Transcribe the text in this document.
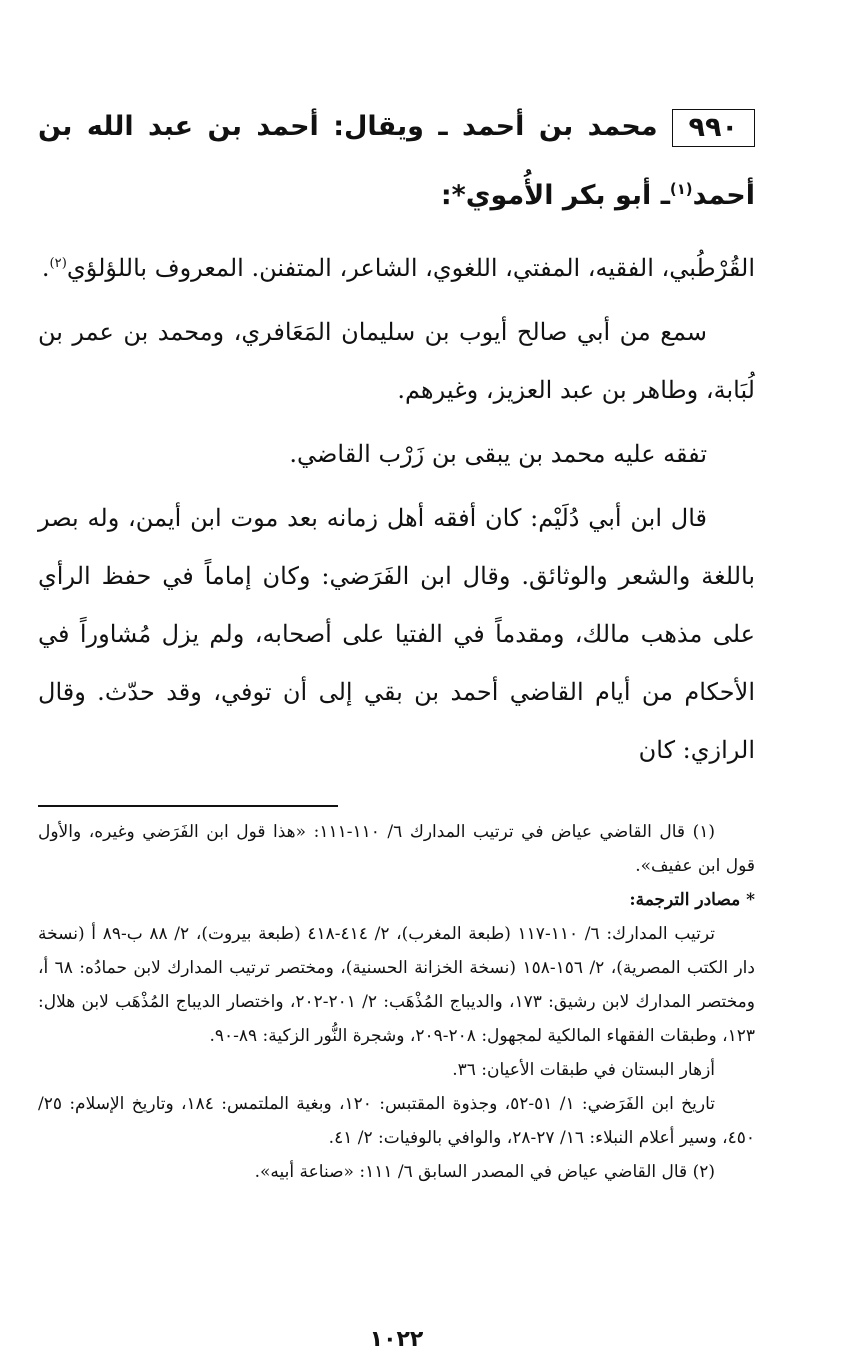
٩٩٠محمد بن أحمد ـ ويقال: أحمد بن عبد الله بن أحمد$^{(١)}$ـ أبو بكر الأُموي*:

القُرْطُبي، الفقيه، المفتي، اللغوي، الشاعر، المتفنن. المعروف باللؤلؤي$^{(٢)}$.

سمع من أبي صالح أيوب بن سليمان المَعَافري، ومحمد بن عمر بن لُبَابة، وطاهر بن عبد العزيز، وغيرهم.

تفقه عليه محمد بن يبقى بن زَرْب القاضي.

قال ابن أبي دُلَيْم: كان أفقه أهل زمانه بعد موت ابن أيمن، وله بصر باللغة والشعر والوثائق. وقال ابن الفَرَضي: وكان إماماً في حفظ الرأي على مذهب مالك، ومقدماً في الفتيا على أصحابه، ولم يزل مُشاوراً في الأحكام من أيام القاضي أحمد بن بقي إلى أن توفي، وقد حدّث. وقال الرازي: كان

(١) قال القاضي عياض في ترتيب المدارك ٦/ ١١٠-١١١: «هذا قول ابن الفَرَضي وغيره، والأول قول ابن عفيف».

* مصادر الترجمة:

ترتيب المدارك: ٦/ ١١٠-١١٧ (طبعة المغرب)، ٢/ ٤١٤-٤١٨ (طبعة بيروت)، ٢/ ٨٨ ب-٨٩ أ (نسخة دار الكتب المصرية)، ٢/ ١٥٦-١٥٨ (نسخة الخزانة الحسنية)، ومختصر ترتيب المدارك لابن حمادُه: ٦٨ أ، ومختصر المدارك لابن رشيق: ١٧٣، والديباج المُذْهَب: ٢/ ٢٠١-٢٠٢، واختصار الديباج المُذْهَب لابن هلال: ١٢٣، وطبقات الفقهاء المالكية لمجهول: ٢٠٨-٢٠٩، وشجرة النُّور الزكية: ٨٩-٩٠.

أزهار البستان في طبقات الأعيان: ٣٦.

تاريخ ابن الفَرَضي: ١/ ٥١-٥٢، وجذوة المقتبس: ١٢٠، وبغية الملتمس: ١٨٤، وتاريخ الإسلام: ٢٥/ ٤٥٠، وسير أعلام النبلاء: ١٦/ ٢٧-٢٨، والوافي بالوفيات: ٢/ ٤١.

(٢) قال القاضي عياض في المصدر السابق ٦/ ١١١: «صناعة أبيه».

١٠٢٢
